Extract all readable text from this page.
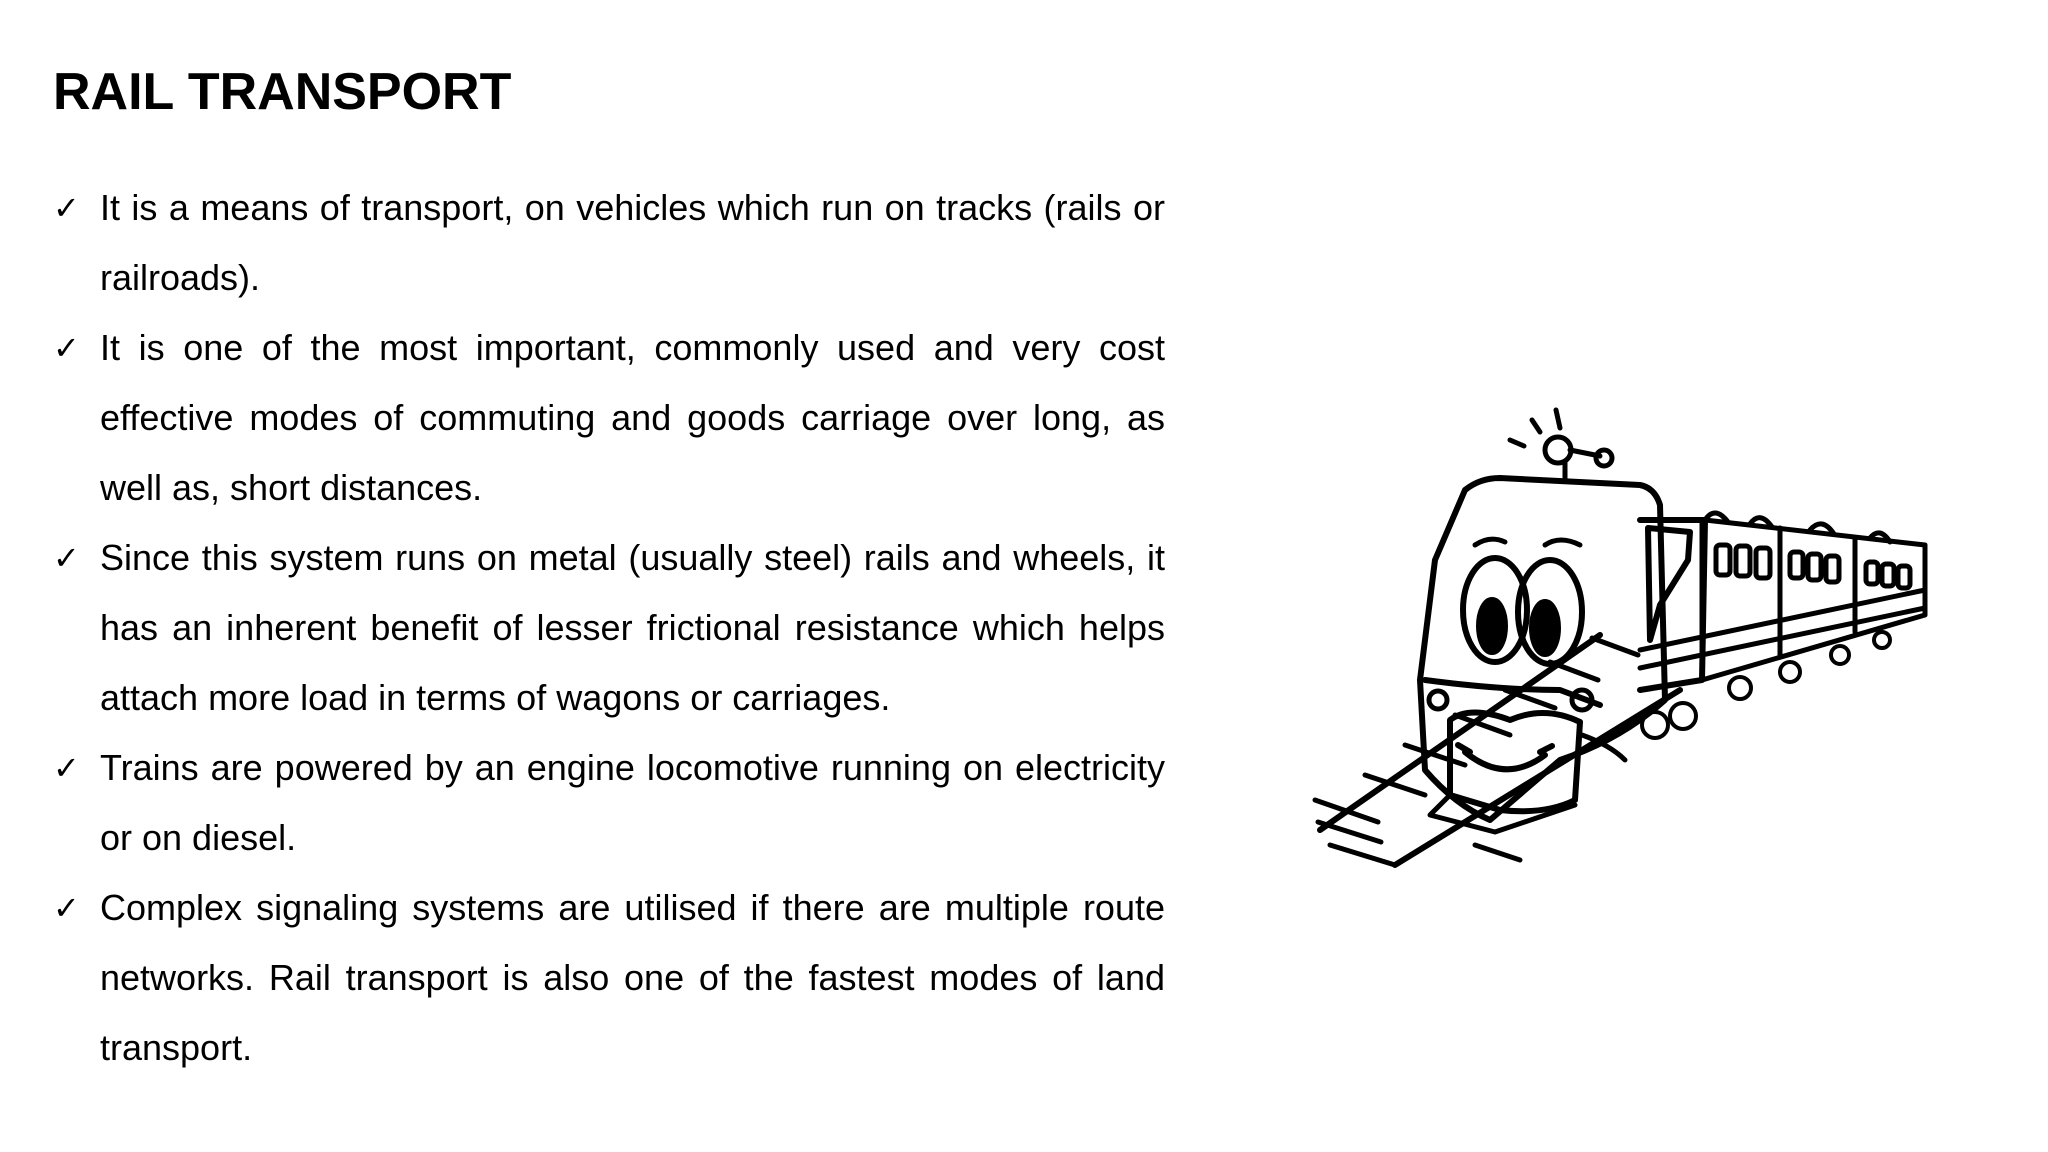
RAIL TRANSPORT
✓ It is a means of transport, on vehicles which run on tracks (rails or railroads).
✓ It is one of the most important, commonly used and very cost effective modes of commuting and goods carriage over long, as well as, short distances.
✓ Since this system runs on metal (usually steel) rails and wheels, it has an inherent benefit of lesser frictional resistance which helps attach more load in terms of wagons or carriages.
✓ Trains are powered by an engine locomotive running on electricity or on diesel.
✓ Complex signaling systems are utilised if there are multiple route networks. Rail transport is also one of the fastest modes of land transport.
